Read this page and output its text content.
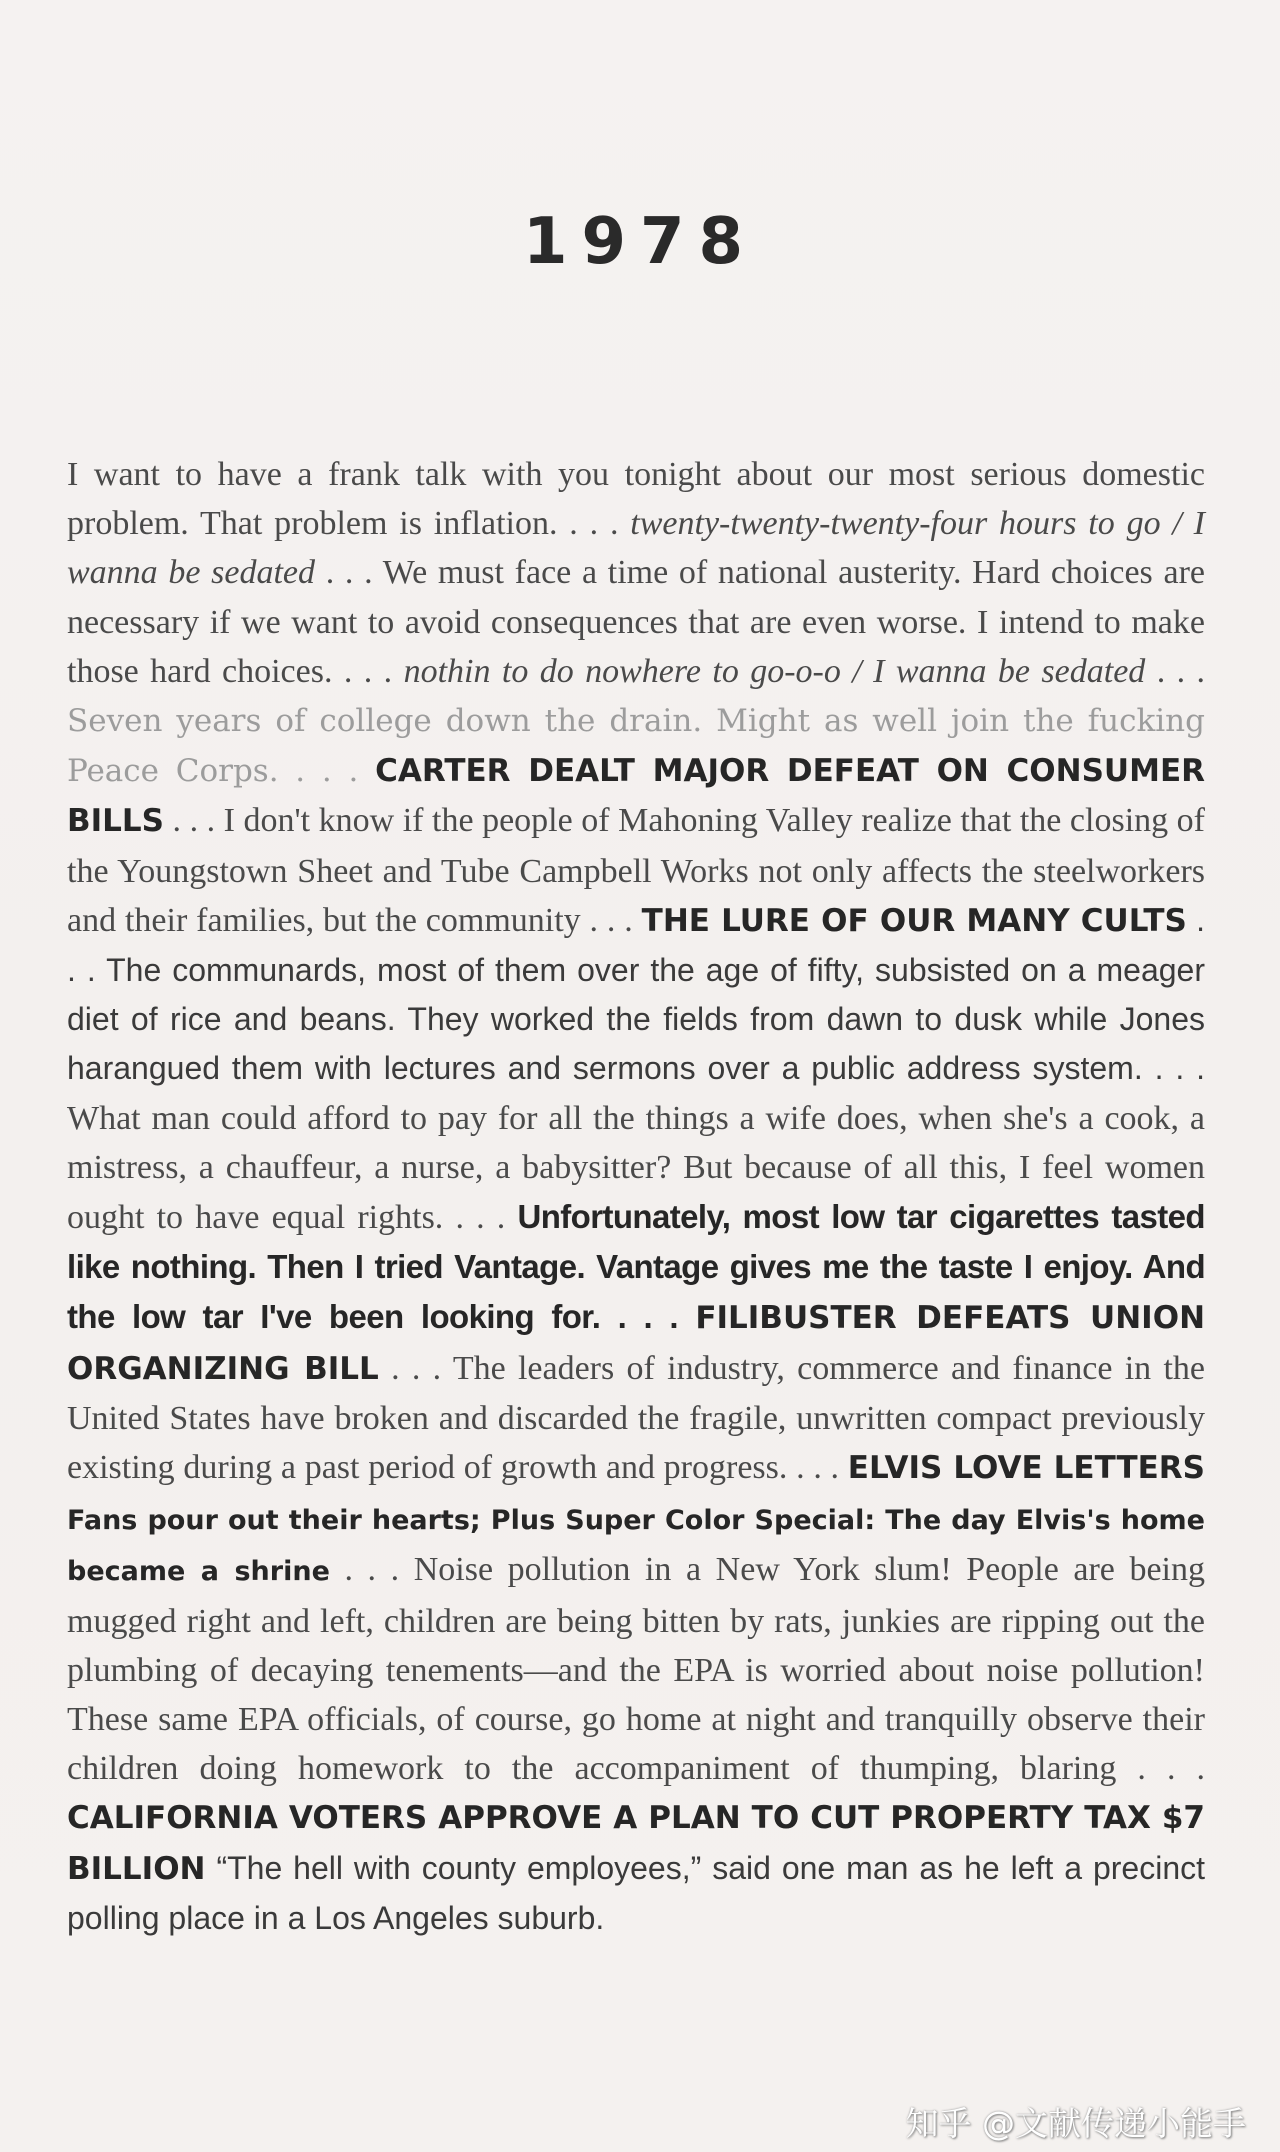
1978

I want to have a frank talk with you tonight about our most serious domestic problem. That problem is inflation. . . . twenty-twenty-twenty-four hours to go / I wanna be sedated . . . We must face a time of national austerity. Hard choices are necessary if we want to avoid consequences that are even worse. I intend to make those hard choices. . . . nothin to do nowhere to go-o-o / I wanna be sedated . . . Seven years of college down the drain. Might as well join the fucking Peace Corps. . . . CARTER DEALT MAJOR DEFEAT ON CONSUMER BILLS . . . I don't know if the people of Mahoning Valley realize that the closing of the Youngstown Sheet and Tube Campbell Works not only affects the steelworkers and their families, but the community . . . THE LURE OF OUR MANY CULTS . . . The communards, most of them over the age of fifty, subsisted on a meager diet of rice and beans. They worked the fields from dawn to dusk while Jones harangued them with lectures and sermons over a public address system. . . . What man could afford to pay for all the things a wife does, when she's a cook, a mistress, a chauffeur, a nurse, a babysitter? But because of all this, I feel women ought to have equal rights. . . . Unfortunately, most low tar cigarettes tasted like nothing. Then I tried Vantage. Vantage gives me the taste I enjoy. And the low tar I've been looking for. . . . FILIBUSTER DEFEATS UNION ORGANIZING BILL . . . The leaders of industry, commerce and finance in the United States have broken and discarded the fragile, unwritten compact previously existing during a past period of growth and progress. . . . ELVIS LOVE LETTERS Fans pour out their hearts; Plus Super Color Special: The day Elvis's home became a shrine . . . Noise pollution in a New York slum! People are being mugged right and left, children are being bitten by rats, junkies are ripping out the plumbing of decaying tenements—and the EPA is worried about noise pollution! These same EPA officials, of course, go home at night and tranquilly observe their children doing homework to the accompaniment of thumping, blaring . . . CALIFORNIA VOTERS APPROVE A PLAN TO CUT PROPERTY TAX $7 BILLION “The hell with county employees,” said one man as he left a precinct polling place in a Los Angeles suburb.

知乎 @文献传递小能手
